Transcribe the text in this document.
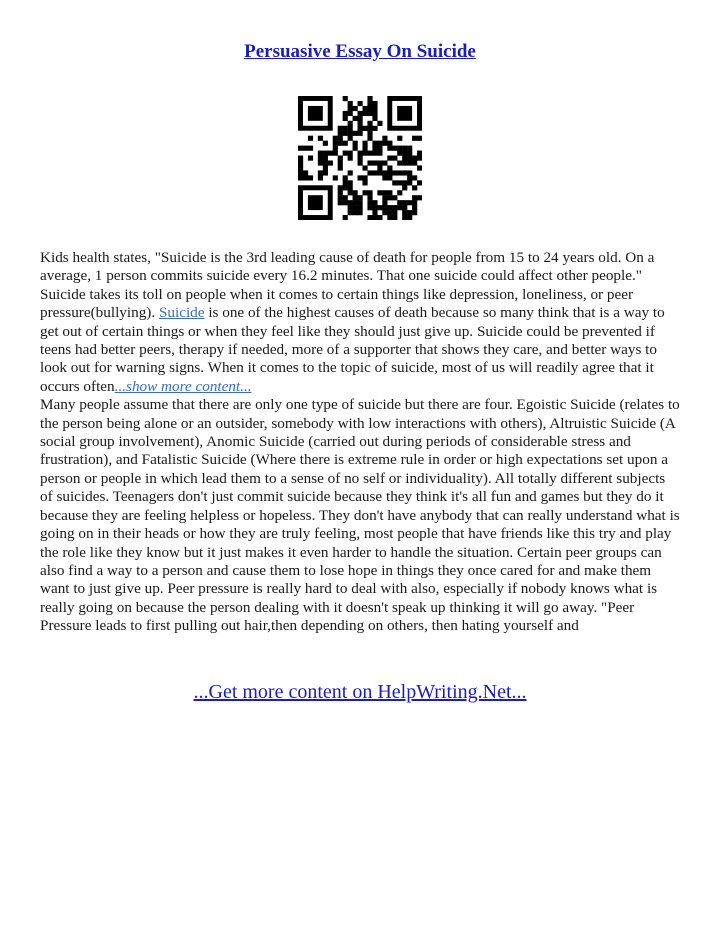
Persuasive Essay On Suicide

Kids health states, "Suicide is the 3rd leading cause of death for people from 15 to 24 years old. On a average, 1 person commits suicide every 16.2 minutes. That one suicide could affect other people." Suicide takes its toll on people when it comes to certain things like depression, loneliness, or peer pressure(bullying). Suicide is one of the highest causes of death because so many think that is a way to get out of certain things or when they feel like they should just give up. Suicide could be prevented if teens had better peers, therapy if needed, more of a supporter that shows they care, and better ways to look out for warning signs. When it comes to the topic of suicide, most of us will readily agree that it occurs often...show more content...

Many people assume that there are only one type of suicide but there are four. Egoistic Suicide (relates to the person being alone or an outsider, somebody with low interactions with others), Altruistic Suicide (A social group involvement), Anomic Suicide (carried out during periods of considerable stress and frustration), and Fatalistic Suicide (Where there is extreme rule in order or high expectations set upon a person or people in which lead them to a sense of no self or individuality). All totally different subjects of suicides. Teenagers don't just commit suicide because they think it's all fun and games but they do it because they are feeling helpless or hopeless. They don't have anybody that can really understand what is going on in their heads or how they are truly feeling, most people that have friends like this try and play the role like they know but it just makes it even harder to handle the situation. Certain peer groups can also find a way to a person and cause them to lose hope in things they once cared for and make them want to just give up. Peer pressure is really hard to deal with also, especially if nobody knows what is really going on because the person dealing with it doesn't speak up thinking it will go away. "Peer Pressure leads to first pulling out hair,then depending on others, then hating yourself and

...Get more content on HelpWriting.Net...
